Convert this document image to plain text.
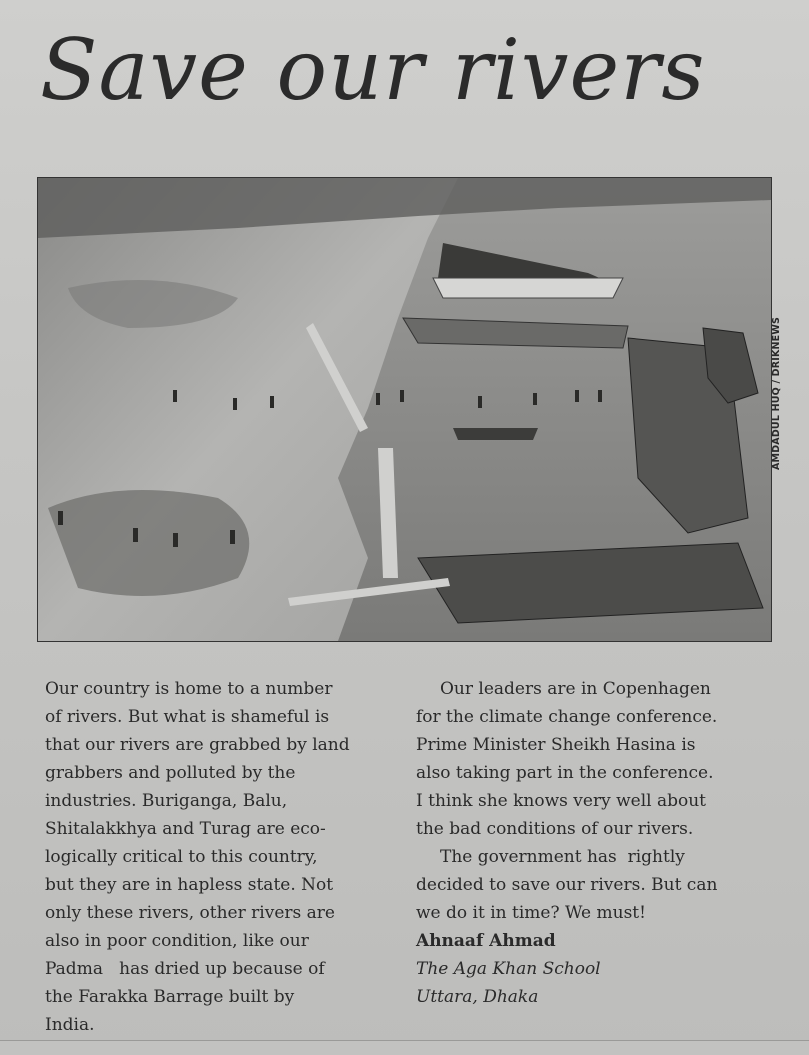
Save our rivers
AMDADUL HUQ / DRIKNEWS
Our country is home to a number
of rivers. But what is shameful is
that our rivers are grabbed by land
grabbers and polluted by the
industries. Buriganga, Balu,
Shitalakkhya and Turag are eco-
logically critical to this country,
but they are in hapless state. Not
only these rivers, other rivers are
also in poor condition, like our
Padma   has dried up because of
the Farakka Barrage built by
India.
Our leaders are in Copenhagen
for the climate change conference.
Prime Minister Sheikh Hasina is
also taking part in the conference.
I think she knows very well about
the bad conditions of our rivers.
The government has  rightly
decided to save our rivers. But can
we do it in time? We must!
Ahnaaf Ahmad
The Aga Khan School
Uttara, Dhaka
